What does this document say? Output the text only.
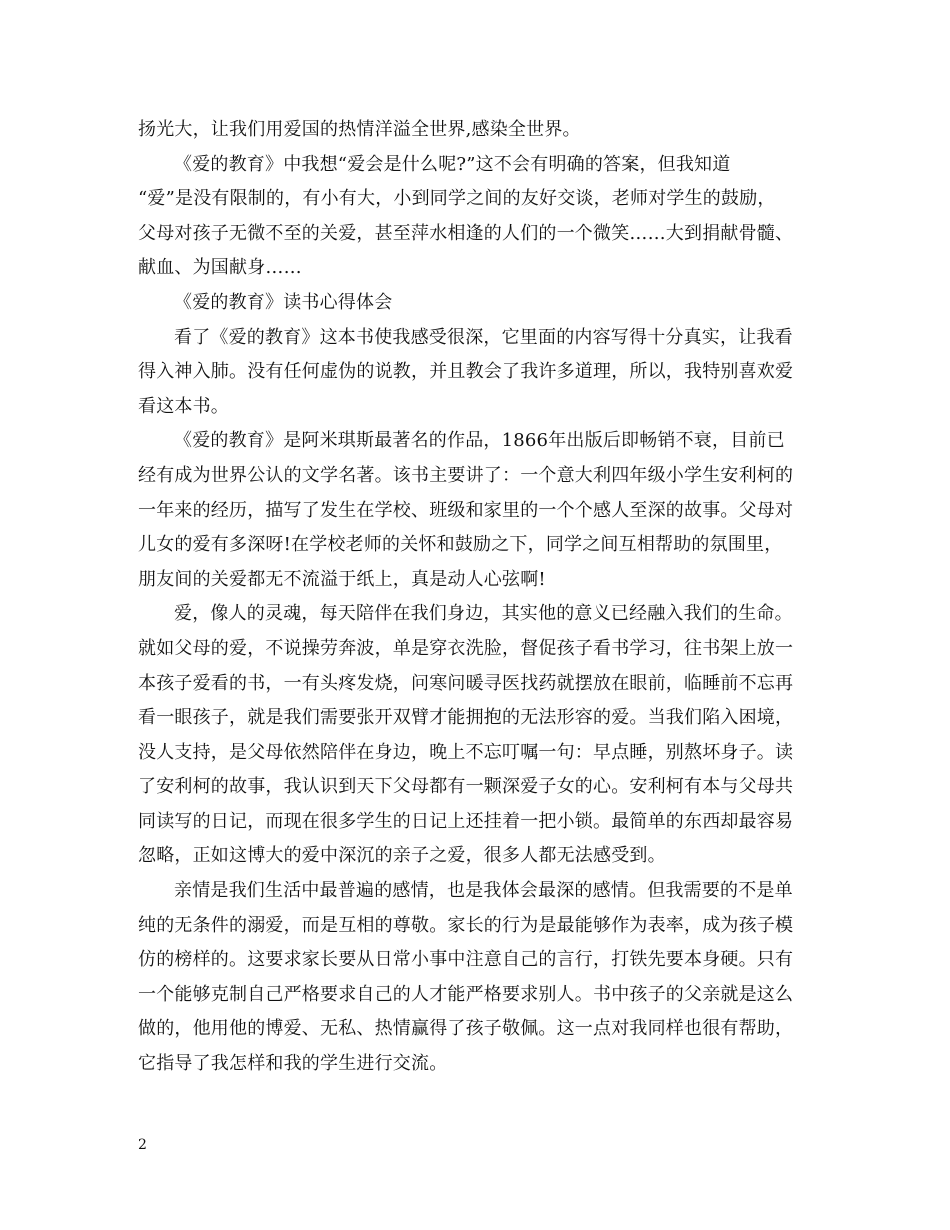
扬光大，让我们用爱国的热情洋溢全世界,感染全世界。
《爱的教育》中我想“爱会是什么呢?”这不会有明确的答案，但我知道
“爱”是没有限制的，有小有大，小到同学之间的友好交谈，老师对学生的鼓励，
父母对孩子无微不至的关爱，甚至萍水相逢的人们的一个微笑……大到捐献骨髓、
献血、为国献身……
《爱的教育》读书心得体会
看了《爱的教育》这本书使我感受很深，它里面的内容写得十分真实，让我看
得入神入肺。没有任何虚伪的说教，并且教会了我许多道理，所以，我特别喜欢爱
看这本书。
《爱的教育》是阿米琪斯最著名的作品，1866年出版后即畅销不衰，目前已
经有成为世界公认的文学名著。该书主要讲了：一个意大利四年级小学生安利柯的
一年来的经历，描写了发生在学校、班级和家里的一个个感人至深的故事。父母对
儿女的爱有多深呀!在学校老师的关怀和鼓励之下，同学之间互相帮助的氛围里，
朋友间的关爱都无不流溢于纸上，真是动人心弦啊!
爱，像人的灵魂，每天陪伴在我们身边，其实他的意义已经融入我们的生命。
就如父母的爱，不说操劳奔波，单是穿衣洗脸，督促孩子看书学习，往书架上放一
本孩子爱看的书，一有头疼发烧，问寒问暖寻医找药就摆放在眼前，临睡前不忘再
看一眼孩子，就是我们需要张开双臂才能拥抱的无法形容的爱。当我们陷入困境，
没人支持，是父母依然陪伴在身边，晚上不忘叮嘱一句：早点睡，别熬坏身子。读
了安利柯的故事，我认识到天下父母都有一颗深爱子女的心。安利柯有本与父母共
同读写的日记，而现在很多学生的日记上还挂着一把小锁。最简单的东西却最容易
忽略，正如这博大的爱中深沉的亲子之爱，很多人都无法感受到。
亲情是我们生活中最普遍的感情，也是我体会最深的感情。但我需要的不是单
纯的无条件的溺爱，而是互相的尊敬。家长的行为是最能够作为表率，成为孩子模
仿的榜样的。这要求家长要从日常小事中注意自己的言行，打铁先要本身硬。只有
一个能够克制自己严格要求自己的人才能严格要求别人。书中孩子的父亲就是这么
做的，他用他的博爱、无私、热情赢得了孩子敬佩。这一点对我同样也很有帮助，
它指导了我怎样和我的学生进行交流。
2
